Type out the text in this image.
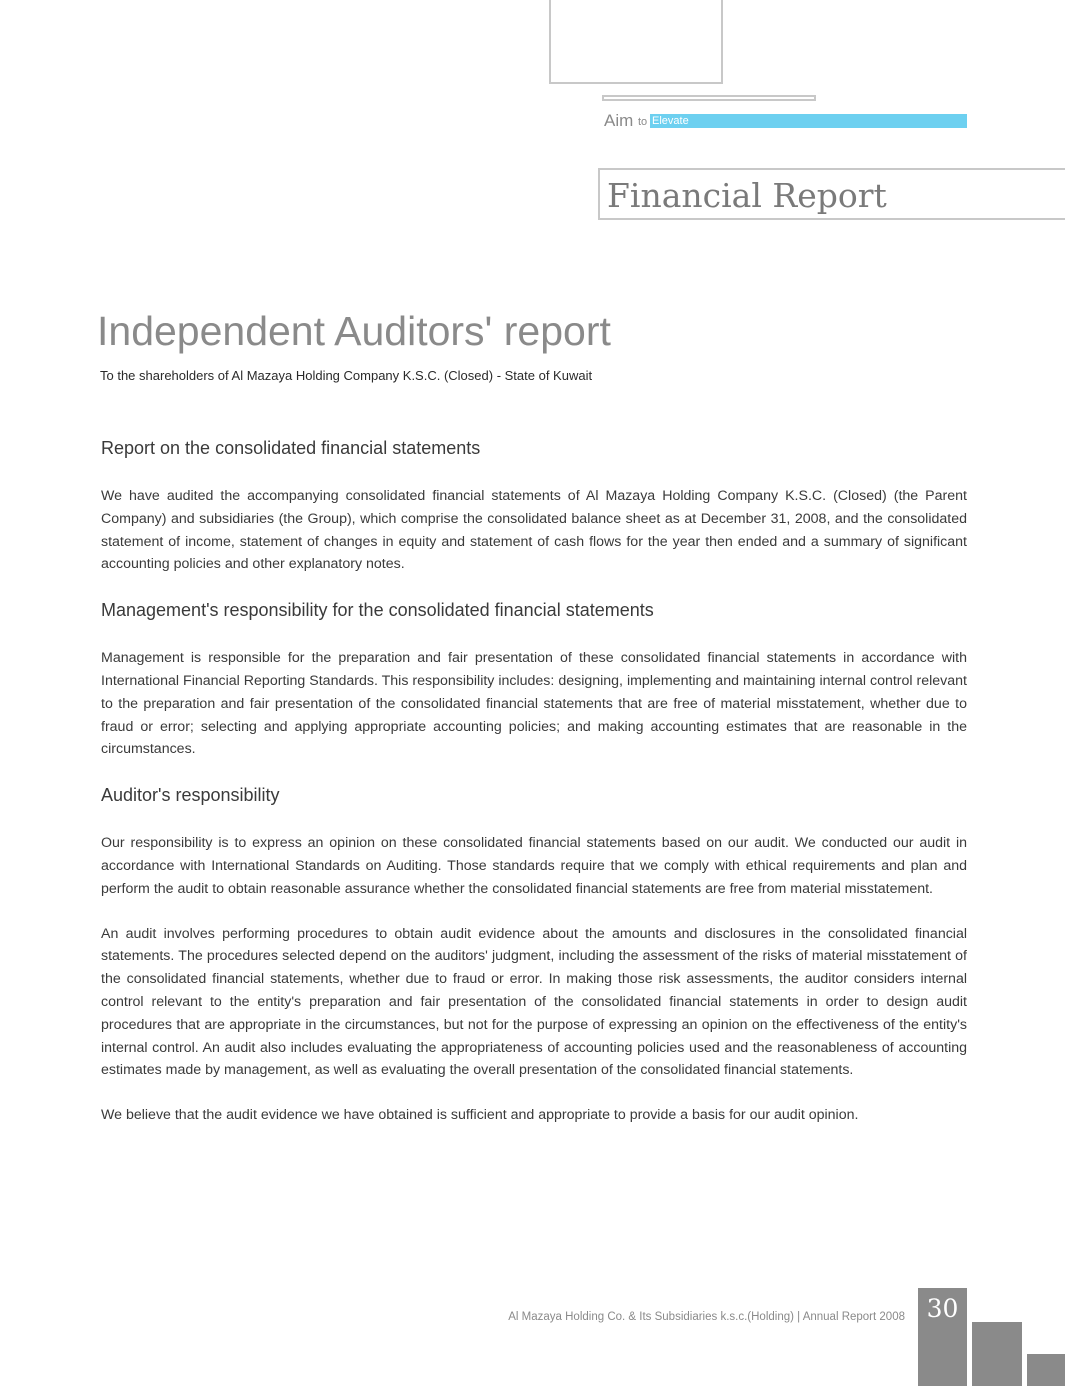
Aim to Elevate
Financial Report
Independent Auditors' report
To the shareholders of Al Mazaya Holding Company K.S.C. (Closed) - State of Kuwait
Report on the consolidated financial statements

We have audited the accompanying consolidated financial statements of Al Mazaya Holding Company K.S.C. (Closed) (the Parent Company) and subsidiaries (the Group), which comprise the consolidated balance sheet as at December 31, 2008, and the consolidated statement of income, statement of changes in equity and statement of cash flows for the year then ended and a summary of significant accounting policies and other explanatory notes.

Management's responsibility for the consolidated financial statements

Management is responsible for the preparation and fair presentation of these consolidated financial statements in accordance with International Financial Reporting Standards. This responsibility includes: designing, implementing and maintaining internal control relevant to the preparation and fair presentation of the consolidated financial statements that are free of material misstatement, whether due to fraud or error; selecting and applying appropriate accounting policies; and making accounting estimates that are reasonable in the circumstances.

Auditor's responsibility

Our responsibility is to express an opinion on these consolidated financial statements based on our audit. We conducted our audit in accordance with International Standards on Auditing. Those standards require that we comply with ethical requirements and plan and perform the audit to obtain reasonable assurance whether the consolidated financial statements are free from material misstatement.

An audit involves performing procedures to obtain audit evidence about the amounts and disclosures in the consolidated financial statements. The procedures selected depend on the auditors' judgment, including the assessment of the risks of material misstatement of the consolidated financial statements, whether due to fraud or error. In making those risk assessments, the auditor considers internal control relevant to the entity's preparation and fair presentation of the consolidated financial statements in order to design audit procedures that are appropriate in the circumstances, but not for the purpose of expressing an opinion on the effectiveness of the entity's internal control. An audit also includes evaluating the appropriateness of accounting policies used and the reasonableness of accounting estimates made by management, as well as evaluating the overall presentation of the consolidated financial statements.

We believe that the audit evidence we have obtained is sufficient and appropriate to provide a basis for our audit opinion.

Al Mazaya Holding Co. & Its Subsidiaries k.s.c.(Holding) | Annual Report 2008 30
